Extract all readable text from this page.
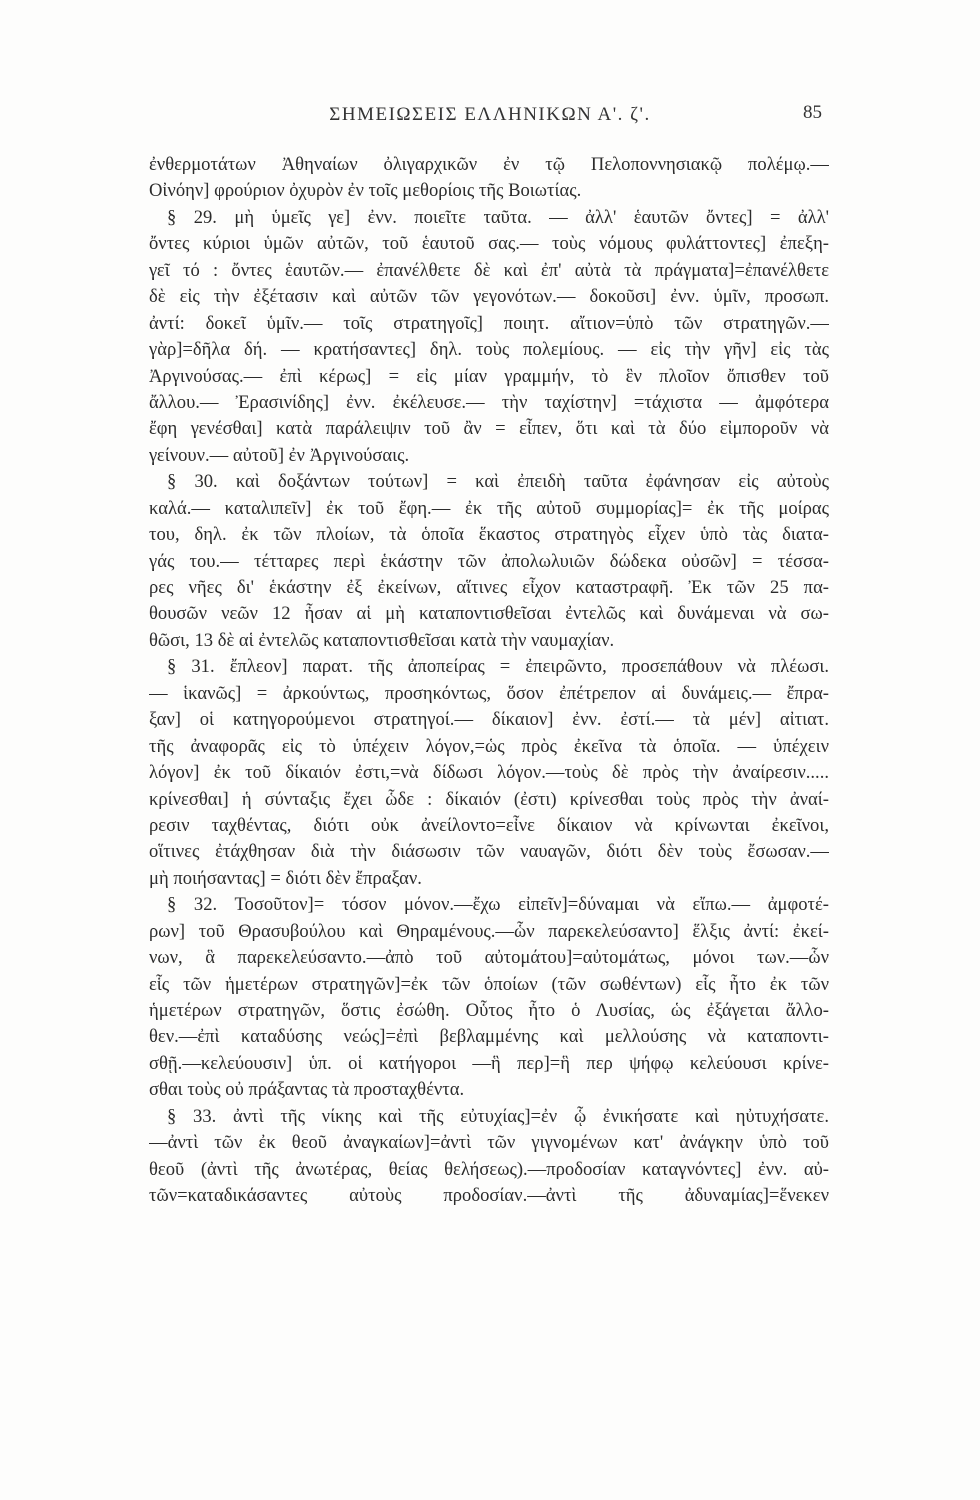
ΣΗΜΕΙΩΣΕΙΣ ΕΛΛΗΝΙΚΩΝ Α'. ζ'.	85
ἐνθερμοτάτων Ἀθηναίων ὀλιγαρχικῶν ἐν τῷ Πελοποννησιακῷ πολέμῳ.—
Οἰνόην] φρούριον ὀχυρὸν ἐν τοῖς μεθορίοις τῆς Βοιωτίας.
§ 29. μὴ ὑμεῖς γε] ἐνν. ποιεῖτε ταῦτα. — ἀλλ' ἑαυτῶν ὄντες] = ἀλλ'
ὄντες κύριοι ὑμῶν αὐτῶν, τοῦ ἑαυτοῦ σας.— τοὺς νόμους φυλάττοντες] ἐπεξη-
γεῖ τό : ὄντες ἑαυτῶν.— ἐπανέλθετε δὲ καὶ ἐπ' αὐτὰ τὰ πράγματα]=ἐπανέλθετε
δὲ εἰς τὴν ἐξέτασιν καὶ αὐτῶν τῶν γεγονότων.— δοκοῦσι] ἐνν. ὑμῖν, προσωπ.
ἀντί: δοκεῖ ὑμῖν.— τοῖς στρατηγοῖς] ποιητ. αἴτιον=ὑπὸ τῶν στρατηγῶν.—
γὰρ]=δῆλα δή. — κρατήσαντες] δηλ. τοὺς πολεμίους. — εἰς τὴν γῆν] εἰς τὰς
Ἀργινούσας.— ἐπὶ κέρως] = εἰς μίαν γραμμήν, τὸ ἓν πλοῖον ὄπισθεν τοῦ
ἄλλου.— Ἐρασινίδης] ἐνν. ἐκέλευσε.— τὴν ταχίστην] =τάχιστα — ἀμφότερα
ἔφη γενέσθαι] κατὰ παράλειψιν τοῦ ἂν = εἶπεν, ὅτι καὶ τὰ δύο εἰμποροῦν νὰ
γείνουν.— αὐτοῦ] ἐν Ἀργινούσαις.
§ 30. καὶ δοξάντων τούτων] = καὶ ἐπειδὴ ταῦτα ἐφάνησαν εἰς αὐτοὺς
καλά.— καταλιπεῖν] ἐκ τοῦ ἔφη.— ἐκ τῆς αὐτοῦ συμμορίας]= ἐκ τῆς μοίρας
του, δηλ. ἐκ τῶν πλοίων, τὰ ὁποῖα ἕκαστος στρατηγὸς εἶχεν ὑπὸ τὰς διατα-
γάς του.— τέτταρες περὶ ἑκάστην τῶν ἀπολωλυιῶν δώδεκα οὐσῶν] = τέσσα-
ρες νῆες δι' ἑκάστην ἐξ ἐκείνων, αἵτινες εἶχον καταστραφῆ. Ἐκ τῶν 25 πα-
θουσῶν νεῶν 12 ἦσαν αἱ μὴ καταποντισθεῖσαι ἐντελῶς καὶ δυνάμεναι νὰ σω-
θῶσι, 13 δὲ αἱ ἐντελῶς καταποντισθεῖσαι κατὰ τὴν ναυμαχίαν.
§ 31. ἔπλεον] παρατ. τῆς ἀποπείρας = ἐπειρῶντο, προσεπάθουν νὰ πλέωσι.
— ἱκανῶς] = ἀρκούντως, προσηκόντως, ὅσον ἐπέτρεπον αἱ δυνάμεις.— ἔπρα-
ξαν] οἱ κατηγορούμενοι στρατηγοί.— δίκαιον] ἐνν. ἐστί.— τὰ μέν] αἰτιατ.
τῆς ἀναφορᾶς εἰς τὸ ὑπέχειν λόγον,=ὡς πρὸς ἐκεῖνα τὰ ὁποῖα. — ὑπέχειν
λόγον] ἐκ τοῦ δίκαιόν ἐστι,=νὰ δίδωσι λόγον.—τοὺς δὲ πρὸς τὴν ἀναίρεσιν.....
κρίνεσθαι] ἡ σύνταξις ἔχει ὧδε : δίκαιόν (ἐστι) κρίνεσθαι τοὺς πρὸς τὴν ἀναί-
ρεσιν ταχθέντας, διότι οὐκ ἀνείλοντο=εἶνε δίκαιον νὰ κρίνωνται ἐκεῖνοι,
οἵτινες ἐτάχθησαν διὰ τὴν διάσωσιν τῶν ναυαγῶν, διότι δὲν τοὺς ἔσωσαν.—
μὴ ποιήσαντας] = διότι δὲν ἔπραξαν.
§ 32. Τοσοῦτον]= τόσον μόνον.—ἔχω εἰπεῖν]=δύναμαι νὰ εἴπω.— ἀμφοτέ-
ρων] τοῦ Θρασυβούλου καὶ Θηραμένους.—ὧν παρεκελεύσαντο] ἕλξις ἀντί: ἐκεί-
νων, ἃ παρεκελεύσαντο.—ἀπὸ τοῦ αὐτομάτου]=αὐτομάτως, μόνοι των.—ὧν
εἷς τῶν ἡμετέρων στρατηγῶν]=ἐκ τῶν ὁποίων (τῶν σωθέντων) εἷς ἦτο ἐκ τῶν
ἡμετέρων στρατηγῶν, ὅστις ἐσώθη. Οὗτος ἦτο ὁ Λυσίας, ὡς ἐξάγεται ἄλλο-
θεν.—ἐπὶ καταδύσης νεώς]=ἐπὶ βεβλαμμένης καὶ μελλούσης νὰ καταποντι-
σθῇ.—κελεύουσιν] ὑπ. οἱ κατήγοροι —ἣ περ]=ἣ περ ψήφῳ κελεύουσι κρίνε-
σθαι τοὺς οὐ πράξαντας τὰ προσταχθέντα.
§ 33. ἀντὶ τῆς νίκης καὶ τῆς εὐτυχίας]=ἐν ᾧ ἐνικήσατε καὶ ηὐτυχήσατε.
—ἀντὶ τῶν ἐκ θεοῦ ἀναγκαίων]=ἀντὶ τῶν γιγνομένων κατ' ἀνάγκην ὑπὸ τοῦ
θεοῦ (ἀντὶ τῆς ἀνωτέρας, θείας θελήσεως).—προδοσίαν καταγνόντες] ἐνν. αὐ-
τῶν=καταδικάσαντες αὐτοὺς προδοσίαν.—ἀντὶ τῆς ἀδυναμίας]=ἕνεκεν
